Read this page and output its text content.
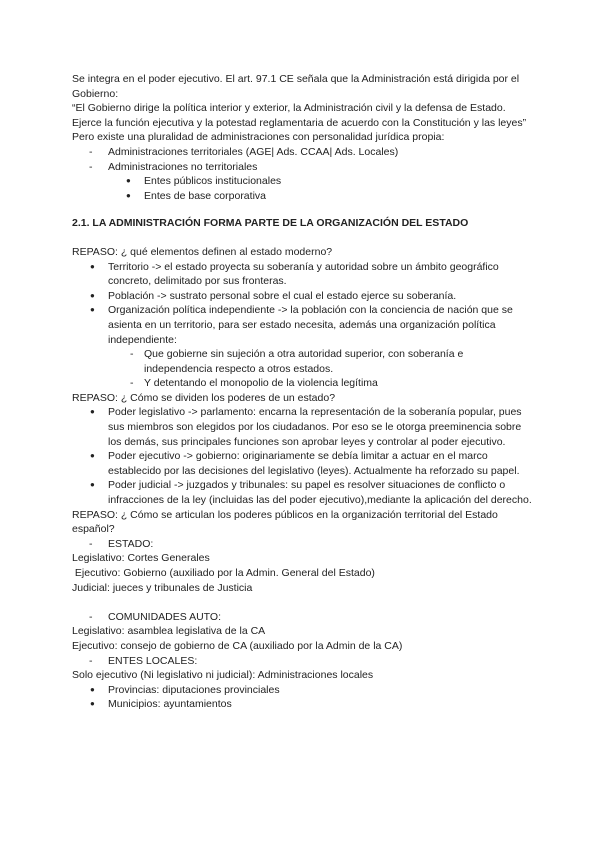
Se integra en el poder ejecutivo. El art. 97.1 CE señala que la Administración está dirigida por el Gobierno:

“El Gobierno dirige la política interior y exterior, la Administración civil y la defensa de Estado. Ejerce la función ejecutiva y la potestad reglamentaria de acuerdo con la Constitución y las leyes”

Pero existe una pluralidad de administraciones con personalidad jurídica propia:

-	Administraciones territoriales (AGE| Ads. CCAA| Ads. Locales)
-	Administraciones no territoriales
●	Entes públicos institucionales
●	Entes de base corporativa

2.1. LA ADMINISTRACIÓN FORMA PARTE DE LA ORGANIZACIÓN DEL ESTADO

REPASO: ¿ qué elementos definen al estado moderno?

●	Territorio -> el estado proyecta su soberanía y autoridad sobre un ámbito geográfico concreto, delimitado por sus fronteras.
●	Población -> sustrato personal sobre el cual el estado ejerce su soberanía.
●	Organización política independiente -> la población con la conciencia de nación que se asienta en un territorio, para ser estado necesita, además una organización política independiente:
-	Que gobierne sin sujeción a otra autoridad superior, con soberanía e independencia respecto a otros estados.
-	Y detentando el monopolio de la violencia legítima

REPASO: ¿ Cómo se dividen los poderes de un estado?

●	Poder legislativo -> parlamento: encarna la representación de la soberanía popular, pues sus miembros son elegidos por los ciudadanos. Por eso se le otorga preeminencia sobre los demás, sus principales funciones son aprobar leyes y controlar al poder ejecutivo.
●	Poder ejecutivo -> gobierno: originariamente se debía limitar a actuar en el marco establecido por las decisiones del legislativo (leyes). Actualmente ha reforzado su papel.
●	Poder judicial -> juzgados y tribunales: su papel es resolver situaciones de conflicto o infracciones de la ley (incluidas las del poder ejecutivo),mediante la aplicación del derecho.

REPASO: ¿ Cómo se articulan los poderes públicos en la organización territorial del Estado español?

-	ESTADO:

Legislativo: Cortes Generales

Ejecutivo: Gobierno (auxiliado por la Admin. General del Estado)

Judicial: jueces y tribunales de Justicia

-	COMUNIDADES AUTO:

Legislativo: asamblea legislativa de la CA

Ejecutivo: consejo de gobierno de CA (auxiliado por la Admin de la CA)

-	ENTES LOCALES:

Solo ejecutivo (Ni legislativo ni judicial): Administraciones locales

●	Provincias: diputaciones provinciales
●	Municipios: ayuntamientos
